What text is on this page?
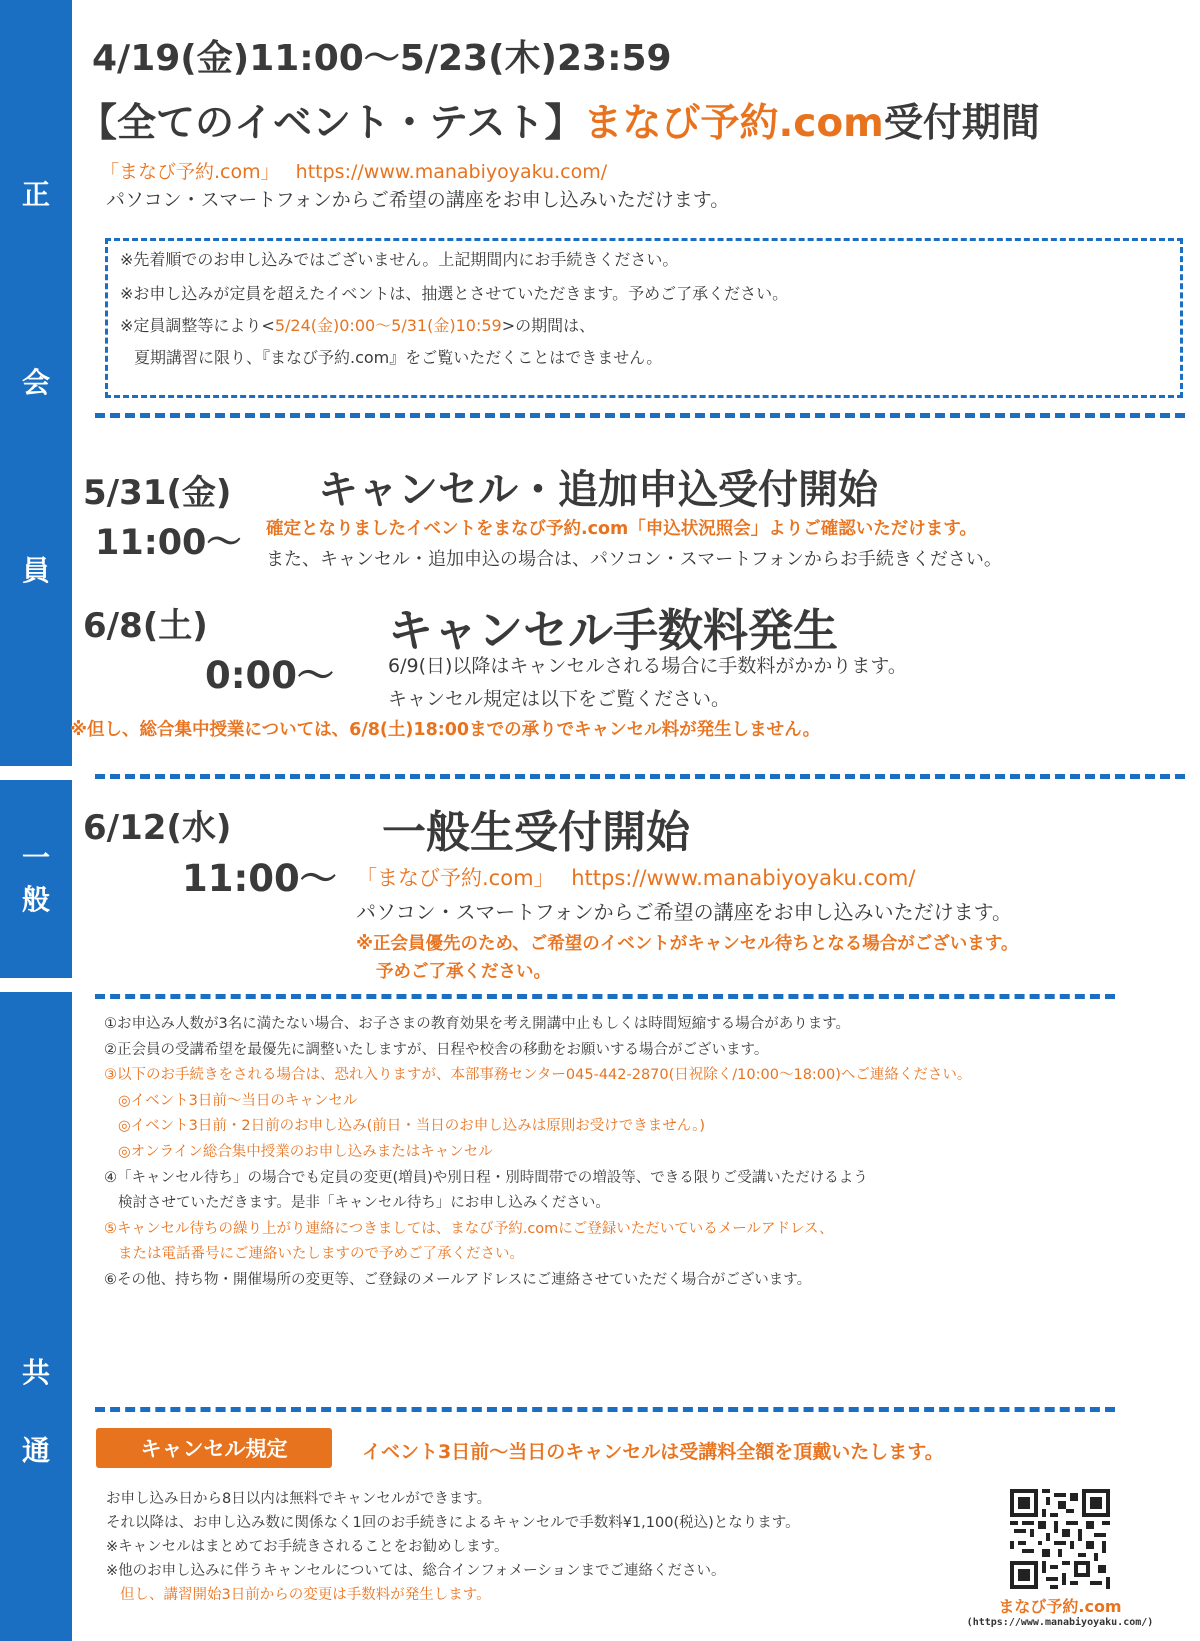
正
会
員
一
般
共
通
4/19(金)11:00〜5/23(木)23:59
【全てのイベント・テスト】まなび予約.com受付期間
「まなび予約.com」 https://www.manabiyoyaku.com/
パソコン・スマートフォンからご希望の講座をお申し込みいただけます。
※先着順でのお申し込みではございません。上記期間内にお手続きください。
※お申し込みが定員を超えたイベントは、抽選とさせていただきます。予めご了承ください。
※定員調整等により<5/24(金)0:00〜5/31(金)10:59>の期間は、
夏期講習に限り、『まなび予約.com』をご覧いただくことはできません。
5/31(金) キャンセル・追加申込受付開始
11:00〜 確定となりましたイベントをまなび予約.com「申込状況照会」よりご確認いただけます。
また、キャンセル・追加申込の場合は、パソコン・スマートフォンからお手続きください。
6/8(土)	キャンセル手数料発生
0:00〜	6/9(日)以降はキャンセルされる場合に手数料がかかります。
キャンセル規定は以下をご覧ください。
※但し、総合集中授業については、6/8(土)18:00までの承りでキャンセル料が発生しません。
6/12(水)	一般生受付開始
11:00〜 「まなび予約.com」 https://www.manabiyoyaku.com/
パソコン・スマートフォンからご希望の講座をお申し込みいただけます。
※正会員優先のため、ご希望のイベントがキャンセル待ちとなる場合がございます。
予めご了承ください。
①お申込み人数が3名に満たない場合、お子さまの教育効果を考え開講中止もしくは時間短縮する場合があります。
②正会員の受講希望を最優先に調整いたしますが、日程や校舎の移動をお願いする場合がございます。
③以下のお手続きをされる場合は、恐れ入りますが、本部事務センター045-442-2870(日祝除く/10:00〜18:00)へご連絡ください。
◎イベント3日前〜当日のキャンセル
◎イベント3日前・2日前のお申し込み(前日・当日のお申し込みは原則お受けできません。)
◎オンライン総合集中授業のお申し込みまたはキャンセル
④「キャンセル待ち」の場合でも定員の変更(増員)や別日程・別時間帯での増設等、できる限りご受講いただけるよう
検討させていただきます。是非「キャンセル待ち」にお申し込みください。
⑤キャンセル待ちの繰り上がり連絡につきましては、まなび予約.comにご登録いただいているメールアドレス、
または電話番号にご連絡いたしますので予めご了承ください。
⑥その他、持ち物・開催場所の変更等、ご登録のメールアドレスにご連絡させていただく場合がございます。
キャンセル規定	イベント3日前〜当日のキャンセルは受講料全額を頂戴いたします。
お申し込み日から8日以内は無料でキャンセルができます。
それ以降は、お申し込み数に関係なく1回のお手続きによるキャンセルで手数料¥1,100(税込)となります。
※キャンセルはまとめてお手続きされることをお勧めします。
※他のお申し込みに伴うキャンセルについては、総合インフォメーションまでご連絡ください。
但し、講習開始3日前からの変更は手数料が発生します。
まなび予約.com
(https://www.manabiyoyaku.com/)
